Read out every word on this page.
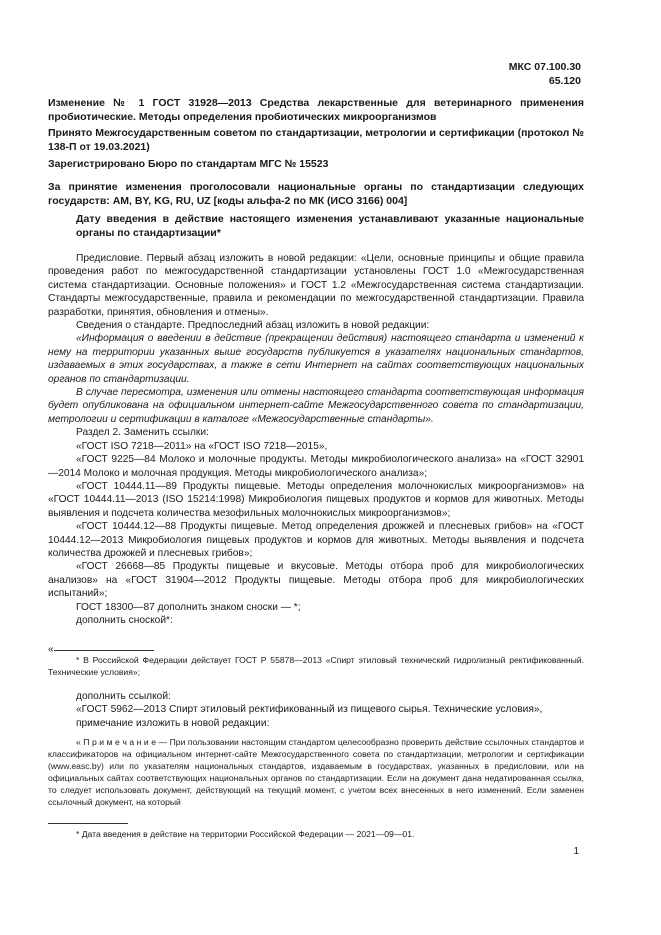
МКС 07.100.30
65.120
Изменение № 1 ГОСТ 31928—2013 Средства лекарственные для ветеринарного применения пробиотические. Методы определения пробиотических микроорганизмов
Принято Межгосударственным советом по стандартизации, метрологии и сертификации (протокол № 138-П от 19.03.2021)
Зарегистрировано Бюро по стандартам МГС № 15523
За принятие изменения проголосовали национальные органы по стандартизации следующих государств: AM, BY, KG, RU, UZ [коды альфа-2 по МК (ИСО 3166) 004]
Дату введения в действие настоящего изменения устанавливают указанные национальные органы по стандартизации*

Предисловие. Первый абзац изложить в новой редакции: «Цели, основные принципы и общие правила проведения работ по межгосударственной стандартизации установлены ГОСТ 1.0 «Межгосударственная система стандартизации. Основные положения» и ГОСТ 1.2 «Межгосударственная система стандартизации. Стандарты межгосударственные, правила и рекомендации по межгосударственной стандартизации. Правила разработки, принятия, обновления и отмены».

Сведения о стандарте. Предпоследний абзац изложить в новой редакции:

«Информация о введении в действие (прекращении действия) настоящего стандарта и изменений к нему на территории указанных выше государств публикуется в указателях национальных стандартов, издаваемых в этих государствах, а также в сети Интернет на сайтах соответствующих национальных органов по стандартизации.

В случае пересмотра, изменения или отмены настоящего стандарта соответствующая информация будет опубликована на официальном интернет-сайте Межгосударственного совета по стандартизации, метрологии и сертификации в каталоге «Межгосударственные стандарты».

Раздел 2. Заменить ссылки:

«ГОСТ ISO 7218—2011» на «ГОСТ ISO 7218—2015»,

«ГОСТ 9225—84 Молоко и молочные продукты. Методы микробиологического анализа» на «ГОСТ 32901—2014 Молоко и молочная продукция. Методы микробиологического анализа»;

«ГОСТ 10444.11—89 Продукты пищевые. Методы определения молочнокислых микроорганизмов» на «ГОСТ 10444.11—2013 (ISO 15214:1998) Микробиология пищевых продуктов и кормов для животных. Методы выявления и подсчета количества мезофильных молочнокислых микроорганизмов»;

«ГОСТ 10444.12—88 Продукты пищевые. Метод определения дрожжей и плесневых грибов» на «ГОСТ 10444.12—2013 Микробиология пищевых продуктов и кормов для животных. Методы выявления и подсчета количества дрожжей и плесневых грибов»;

«ГОСТ 26668—85 Продукты пищевые и вкусовые. Методы отбора проб для микробиологических анализов» на «ГОСТ 31904—2012 Продукты пищевые. Методы отбора проб для микробиологических испытаний»;

ГОСТ 18300—87 дополнить знаком сноски — *;

дополнить сноской*:

«

* В Российской Федерации действует ГОСТ Р 55878—2013 «Спирт этиловый технический гидролизный ректификованный. Технические условия»;

дополнить ссылкой:

«ГОСТ 5962—2013 Спирт этиловый ректификованный из пищевого сырья. Технические условия»,

примечание изложить в новой редакции:

« П р и м е ч а н и е — При пользовании настоящим стандартом целесообразно проверить действие ссылочных стандартов и классификаторов на официальном интернет-сайте Межгосударственного совета по стандартизации, метрологии и сертификации (www.easc.by) или по указателям национальных стандартов, издаваемым в государствах, указанных в предисловии, или на официальных сайтах соответствующих национальных органов по стандартизации. Если на документ дана недатированная ссылка, то следует использовать документ, действующий на текущий момент, с учетом всех внесенных в него изменений. Если заменен ссылочный документ, на который

* Дата введения в действие на территории Российской Федерации — 2021—09—01.

1
